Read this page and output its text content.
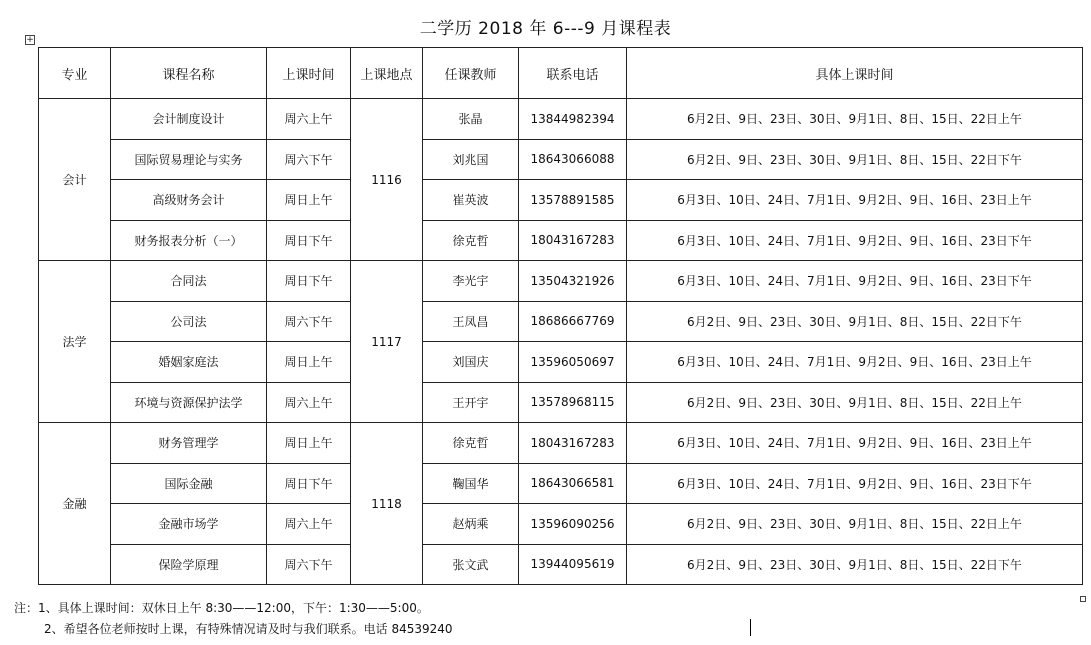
二学历 2018 年 6---9 月课程表
+
专业	课程名称	上课时间	上课地点	任课教师	联系电话	具体上课时间
会计	会计制度设计	周六上午	1116	张晶	13844982394	6月2日、9日、23日、30日、9月1日、8日、15日、22日上午
	国际贸易理论与实务	周六下午		刘兆国	18643066088	6月2日、9日、23日、30日、9月1日、8日、15日、22日下午
	高级财务会计	周日上午		崔英波	13578891585	6月3日、10日、24日、7月1日、9月2日、9日、16日、23日上午
	财务报表分析（一）	周日下午		徐克哲	18043167283	6月3日、10日、24日、7月1日、9月2日、9日、16日、23日下午
法学	合同法	周日下午	1117	李光宇	13504321926	6月3日、10日、24日、7月1日、9月2日、9日、16日、23日下午
	公司法	周六下午		王凤昌	18686667769	6月2日、9日、23日、30日、9月1日、8日、15日、22日下午
	婚姻家庭法	周日上午		刘国庆	13596050697	6月3日、10日、24日、7月1日、9月2日、9日、16日、23日上午
	环境与资源保护法学	周六上午		王开宇	13578968115	6月2日、9日、23日、30日、9月1日、8日、15日、22日上午
金融	财务管理学	周日上午	1118	徐克哲	18043167283	6月3日、10日、24日、7月1日、9月2日、9日、16日、23日上午
	国际金融	周日下午		鞠国华	18643066581	6月3日、10日、24日、7月1日、9月2日、9日、16日、23日下午
	金融市场学	周六上午		赵炳乘	13596090256	6月2日、9日、23日、30日、9月1日、8日、15日、22日上午
	保险学原理	周六下午		张文武	13944095619	6月2日、9日、23日、30日、9月1日、8日、15日、22日下午
注：1、具体上课时间：双休日上午 8:30——12:00，下午：1:30——5:00。
2、希望各位老师按时上课，有特殊情况请及时与我们联系。电话 84539240
